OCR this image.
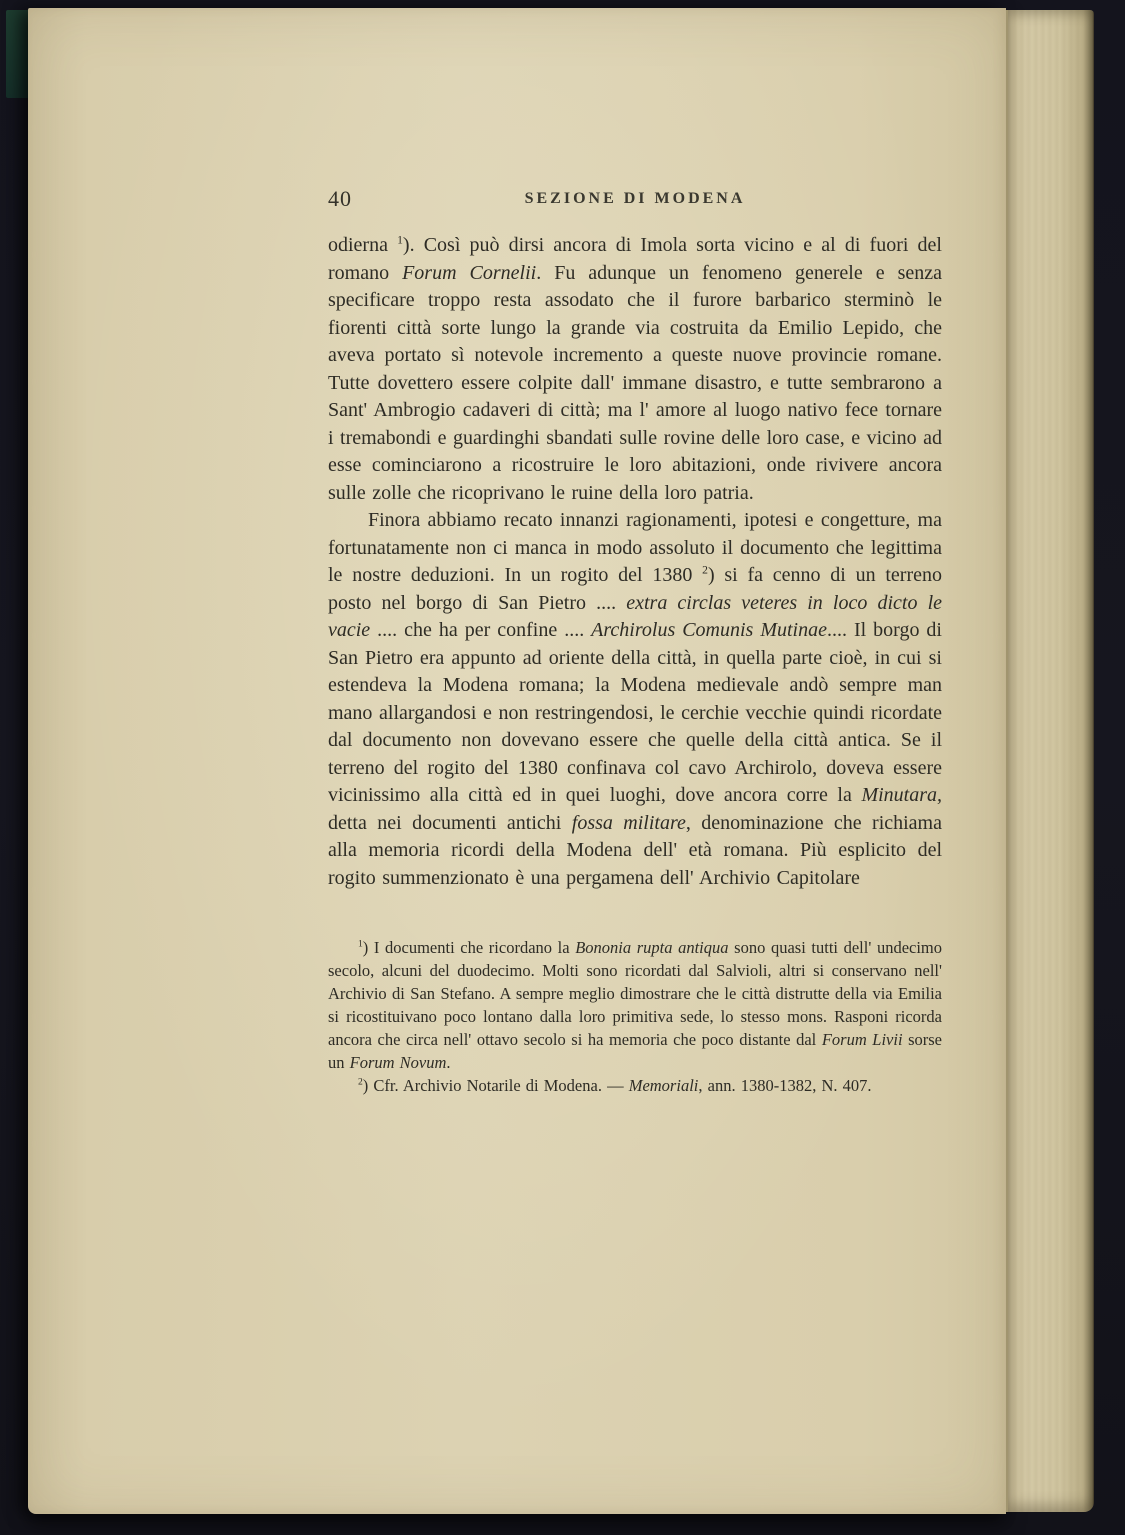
40	SEZIONE DI MODENA

odierna $^1$). Così può dirsi ancora di Imola sorta vicino e al di fuori del romano Forum Cornelii. Fu adunque un fenomeno generele e senza specificare troppo resta assodato che il furore barbarico sterminò le fiorenti città sorte lungo la grande via costruita da Emilio Lepido, che aveva portato sì notevole incremento a queste nuove provincie romane. Tutte dovettero essere colpite dall' immane disastro, e tutte sembrarono a Sant' Ambrogio cadaveri di città; ma l' amore al luogo nativo fece tornare i tremabondi e guardinghi sbandati sulle rovine delle loro case, e vicino ad esse cominciarono a ricostruire le loro abitazioni, onde rivivere ancora sulle zolle che ricoprivano le ruine della loro patria.

Finora abbiamo recato innanzi ragionamenti, ipotesi e congetture, ma fortunatamente non ci manca in modo assoluto il documento che legittima le nostre deduzioni. In un rogito del 1380 $^2$) si fa cenno di un terreno posto nel borgo di San Pietro .... extra circlas veteres in loco dicto le vacie .... che ha per confine .... Archirolus Comunis Mutinae.... Il borgo di San Pietro era appunto ad oriente della città, in quella parte cioè, in cui si estendeva la Modena romana; la Modena medievale andò sempre man mano allargandosi e non restringendosi, le cerchie vecchie quindi ricordate dal documento non dovevano essere che quelle della città antica. Se il terreno del rogito del 1380 confinava col cavo Archirolo, doveva essere vicinissimo alla città ed in quei luoghi, dove ancora corre la Minutara, detta nei documenti antichi fossa militare, denominazione che richiama alla memoria ricordi della Modena dell' età romana. Più esplicito del rogito summenzionato è una pergamena dell' Archivio Capitolare

$^1$) I documenti che ricordano la Bononia rupta antiqua sono quasi tutti dell' undecimo secolo, alcuni del duodecimo. Molti sono ricordati dal Salvioli, altri si conservano nell' Archivio di San Stefano. A sempre meglio dimostrare che le città distrutte della via Emilia si ricostituivano poco lontano dalla loro primitiva sede, lo stesso mons. Rasponi ricorda ancora che circa nell' ottavo secolo si ha memoria che poco distante dal Forum Livii sorse un Forum Novum.

$^2$) Cfr. Archivio Notarile di Modena. — Memoriali, ann. 1380-1382, N. 407.
